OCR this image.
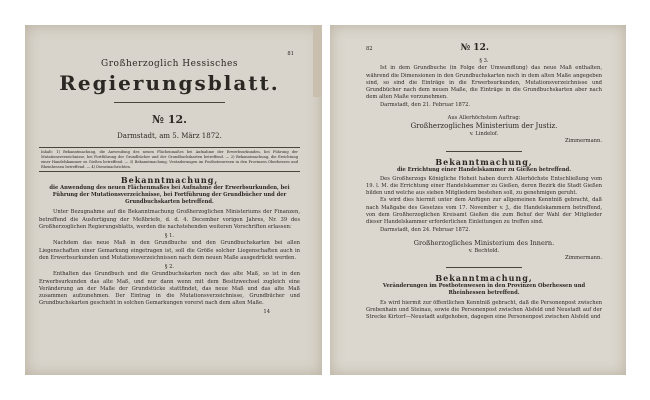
81
Großherzoglich Hessisches
Regierungsblatt.
№ 12.
Darmstadt, am 5. März 1872.
Inhalt: 1) Bekanntmachung, die Anwendung des neuen Flächenmaßes bei Aufnahme der Erwerbsurkunden, bei Führung der Mutationsverzeichnisse, bei Fortführung der Grundbücher und der Grundbuchskarten betreffend. — 2) Bekanntmachung, die Errichtung einer Handelskammer zu Gießen betreffend. — 3) Bekanntmachung, Veränderungen im Postbotenwesen in den Provinzen Oberhessen und Rheinhessen betreffend. — 4) Dienstnachrichten.
Bekanntmachung,
die Anwendung des neuen Flächenmaßes bei Aufnahme der Erwerbsurkunden, bei Führung der Mutationsverzeichnisse, bei Fortführung der Grundbücher und der Grundbuchskarten betreffend.
Unter Bezugnahme auf die Bekanntmachung Großherzoglichen Ministeriums der Finanzen, betreffend die Ausfertigung der Meßbriefe, d. d. 4. December vorigen Jahres, Nr. 39 des Großherzoglichen Regierungsblatts, werden die nachstehenden weiteren Vorschriften erlassen:
§ 1.
Nachdem das neue Maß in den Grundbuche und den Grundbuchskarten bei allen Liegenschaften einer Gemarkung eingetragen ist, soll die Größe solcher Liegenschaften auch in den Erwerbsurkunden und Mutationsverzeichnissen nach dem neuen Maße ausgedrückt werden.
§ 2.
Enthalten das Grundbuch und die Grundbuchskarten noch das alte Maß, so ist in den Erwerbsurkunden das alte Maß, und nur dann wenn mit dem Besitzwechsel zugleich eine Veränderung an der Maße der Grundstücke stattfindet, das neue Maß und das alte Maß zusammen aufzunehmen. Der Eintrag in die Mutationsverzeichnisse, Grundbücher und Grundbuchskarten geschieht in solchen Gemarkungen vorerst nach dem alten Maße.
14
82	№ 12.
§ 3.
Ist in dem Grundbuche (in Folge der Umwandlung) das neue Maß enthalten, während die Dimensionen in den Grundbuchskarten noch in dem alten Maße angegeben sind, so sind die Einträge in die Erwerbsurkunden, Mutationsverzeichnisse und Grundbücher nach dem neuen Maße, die Einträge in die Grundbuchskarten aber nach dem alten Maße vorzunehmen.
Darmstadt, den 21. Februar 1872.
Aus Allerhöchstem Auftrag:
Großherzogliches Ministerium der Justiz.
v. Lindelof.
Zimmermann.
Bekanntmachung,
die Errichtung einer Handelskammer zu Gießen betreffend.
Des Großherzogs Königliche Hoheit haben durch Allerhöchste Entschließung vom 19. l. M. die Errichtung einer Handelskammer zu Gießen, deren Bezirk die Stadt Gießen bilden und welche aus sieben Mitgliedern bestehen soll, zu genehmigen geruht.
Es wird dies hiermit unter dem Anfügen zur allgemeinen Kenntniß gebracht, daß nach Maßgabe des Gesetzes vom 17. November v. J., die Handelskammern betreffend, von dem Großherzoglichen Kreisamt Gießen die zum Behuf der Wahl der Mitglieder dieser Handelskammer erforderlichen Einleitungen zu treffen sind.
Darmstadt, den 24. Februar 1872.
Großherzogliches Ministerium des Innern.
v. Bechtold.
Zimmermann.
Bekanntmachung,
Veränderungen im Postbotenwesen in den Provinzen Oberhessen und Rheinhessen betreffend.
Es wird hiermit zur öffentlichen Kenntniß gebracht, daß die Personenpost zwischen Grebenhain und Steinau, sowie die Personenpost zwischen Alsfeld und Neustadt auf der Strecke Kirtorf—Neustadt aufgehoben, dagegen eine Personenpost zwischen Alsfeld und
